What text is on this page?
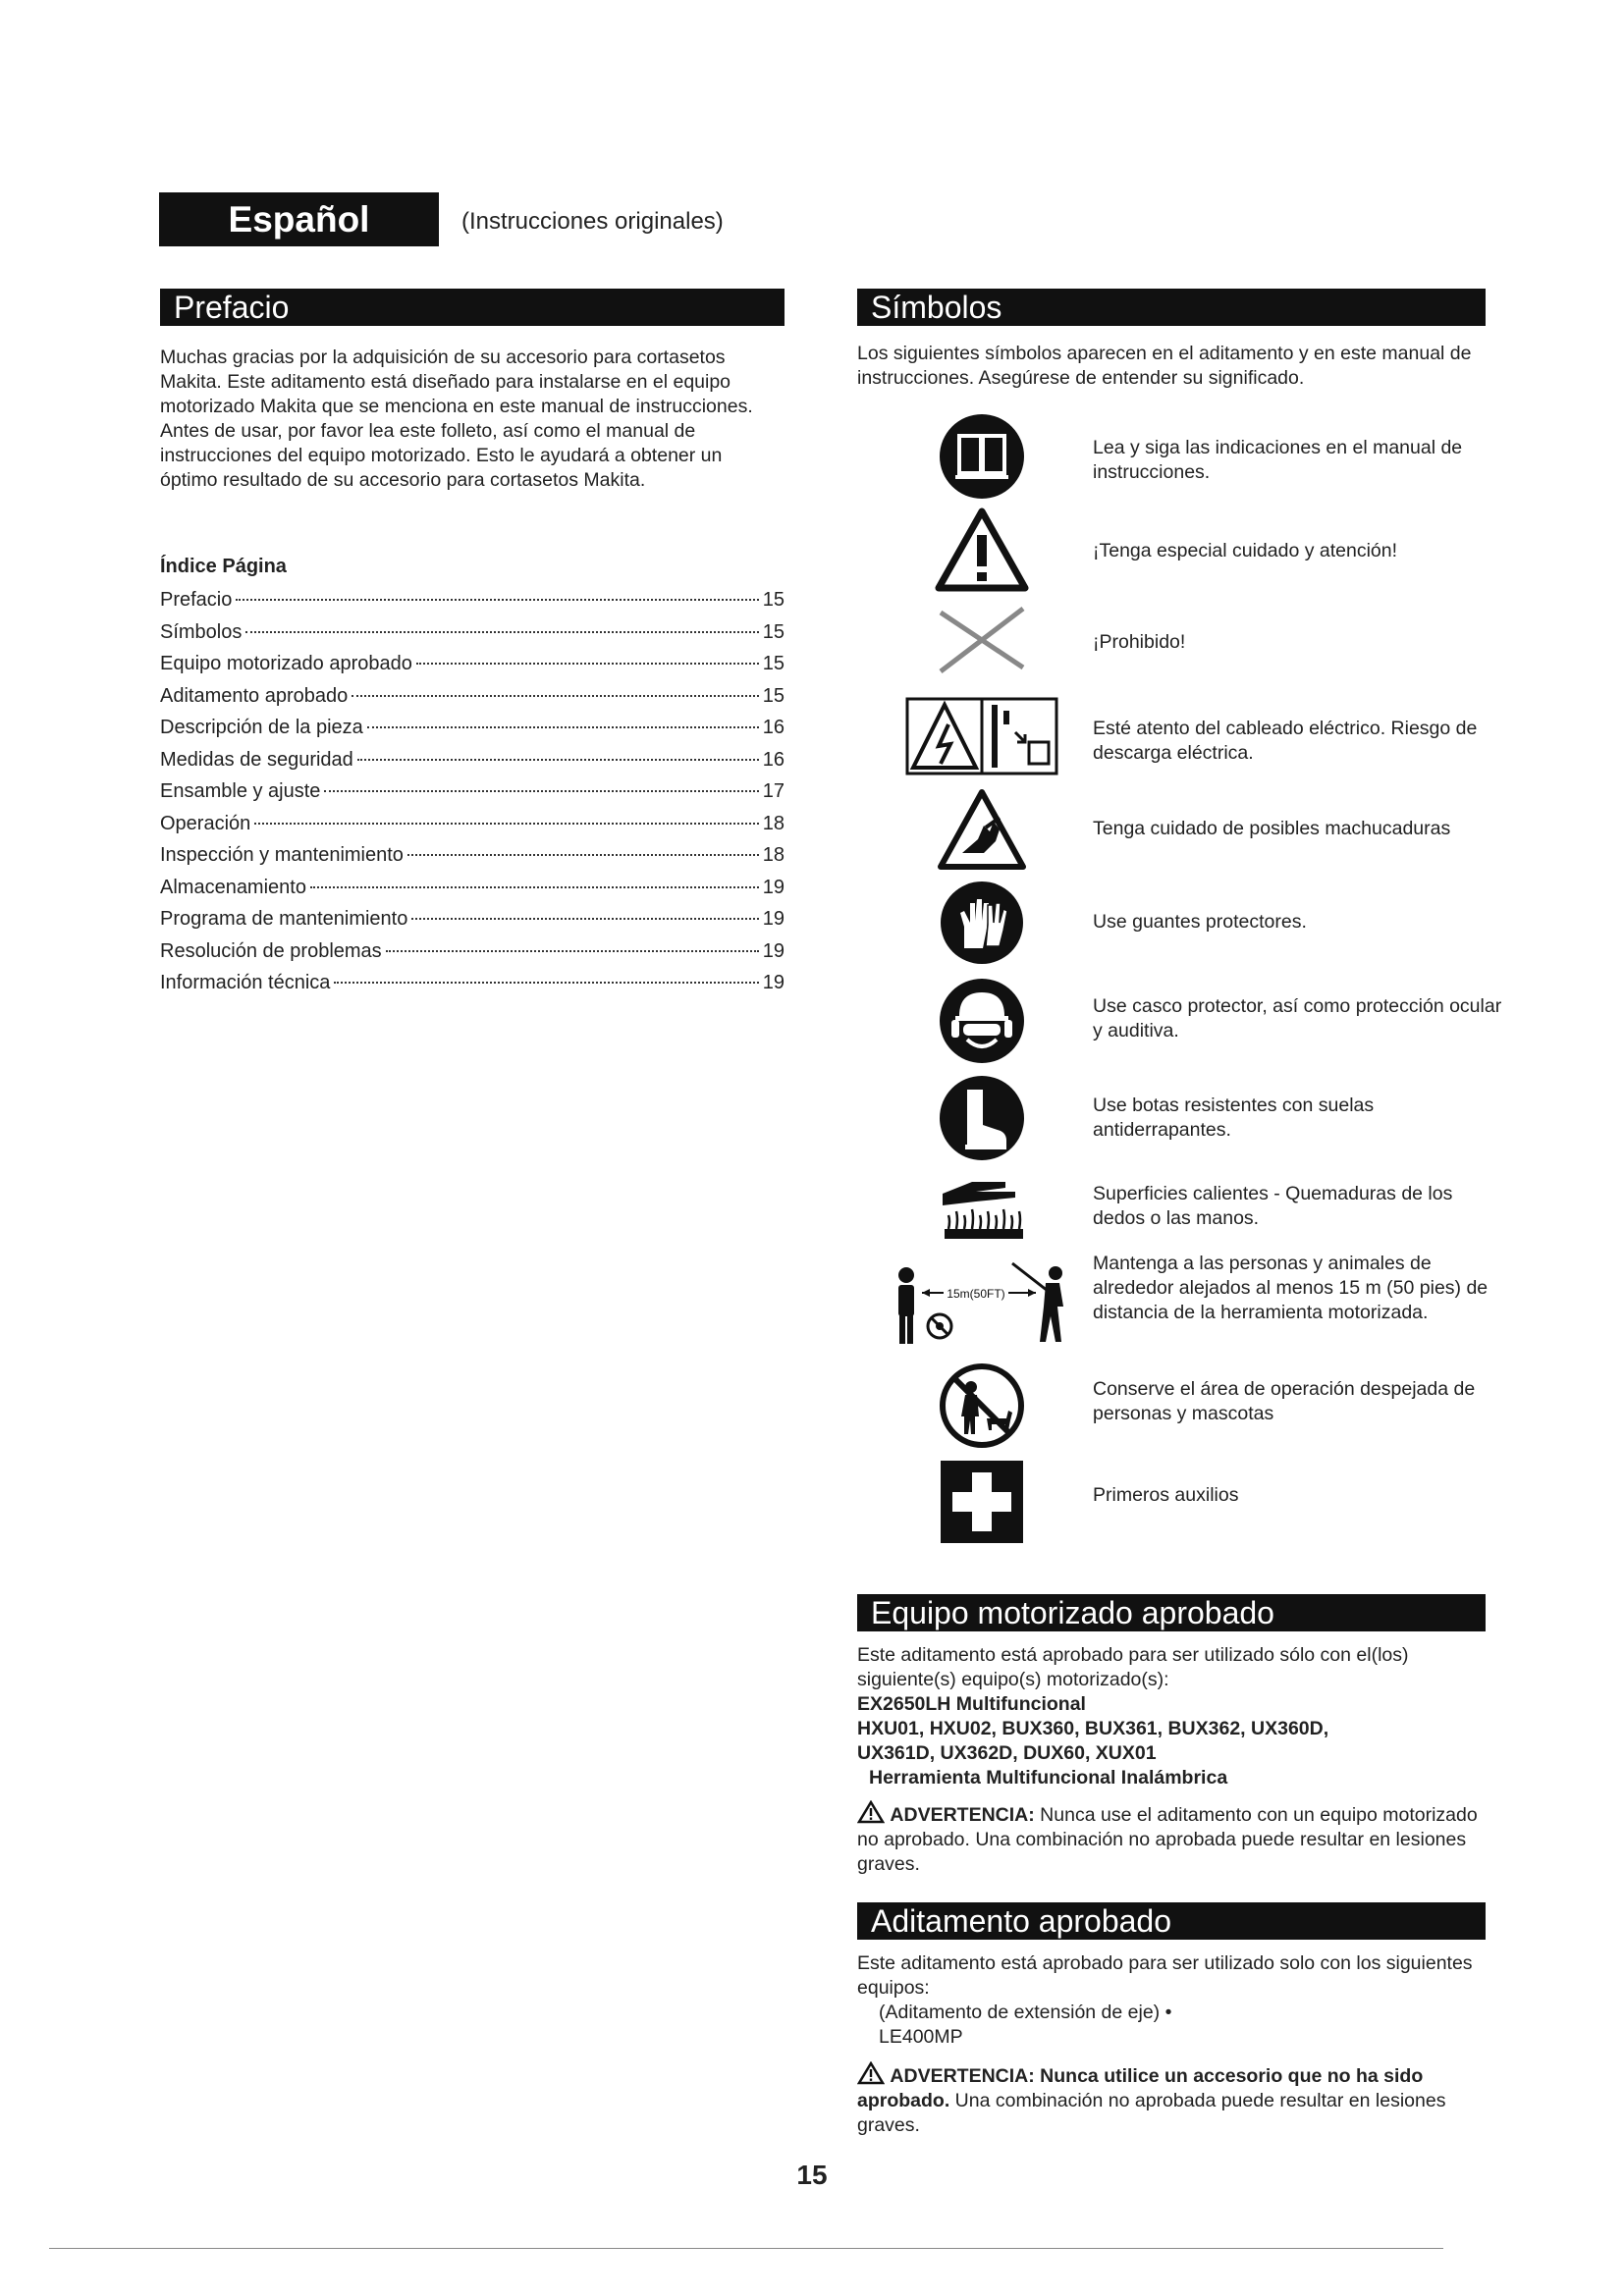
Español	(Instrucciones originales)
Prefacio

Muchas gracias por la adquisición de su accesorio para cortasetos Makita. Este aditamento está diseñado para instalarse en el equipo motorizado Makita que se menciona en este manual de instrucciones.

Antes de usar, por favor lea este folleto, así como el manual de instrucciones del equipo motorizado. Esto le ayudará a obtener un óptimo resultado de su accesorio para cortasetos Makita.

Índice Página
Prefacio	15
Símbolos	15
Equipo motorizado aprobado	15
Aditamento aprobado	15
Descripción de la pieza	16
Medidas de seguridad	16
Ensamble y ajuste	17
Operación	18
Inspección y mantenimiento	18
Almacenamiento	19
Programa de mantenimiento	19
Resolución de problemas	19
Información técnica	19
Símbolos
Los siguientes símbolos aparecen en el aditamento y en este manual de instrucciones. Asegúrese de entender su significado.
Lea y siga las indicaciones en el manual de instrucciones.
¡Tenga especial cuidado y atención!
¡Prohibido!
Esté atento del cableado eléctrico. Riesgo de descarga eléctrica.
Tenga cuidado de posibles machucaduras
Use guantes protectores.
Use casco protector, así como protección ocular y auditiva.
Use botas resistentes con suelas antiderrapantes.
Superficies calientes - Quemaduras de los dedos o las manos.
15m(50FT)
Mantenga a las personas y animales de alrededor alejados al menos 15 m (50 pies) de distancia de la herramienta motorizada.
Conserve el área de operación despejada de personas y mascotas
Primeros auxilios
Equipo motorizado aprobado

Este aditamento está aprobado para ser utilizado sólo con el(los) siguiente(s) equipo(s) motorizado(s):

EX2650LH Multifuncional

HXU01, HXU02, BUX360, BUX361, BUX362, UX360D,

UX361D, UX362D, DUX60, XUX01

Herramienta Multifuncional Inalámbrica

ADVERTENCIA: Nunca use el aditamento con un equipo motorizado no aprobado. Una combinación no aprobada puede resultar en lesiones graves.

Aditamento aprobado

Este aditamento está aprobado para ser utilizado solo con los siguientes equipos:

(Aditamento de extensión de eje) •

LE400MP

ADVERTENCIA: Nunca utilice un accesorio que no ha sido aprobado. Una combinación no aprobada puede resultar en lesiones graves.

15
